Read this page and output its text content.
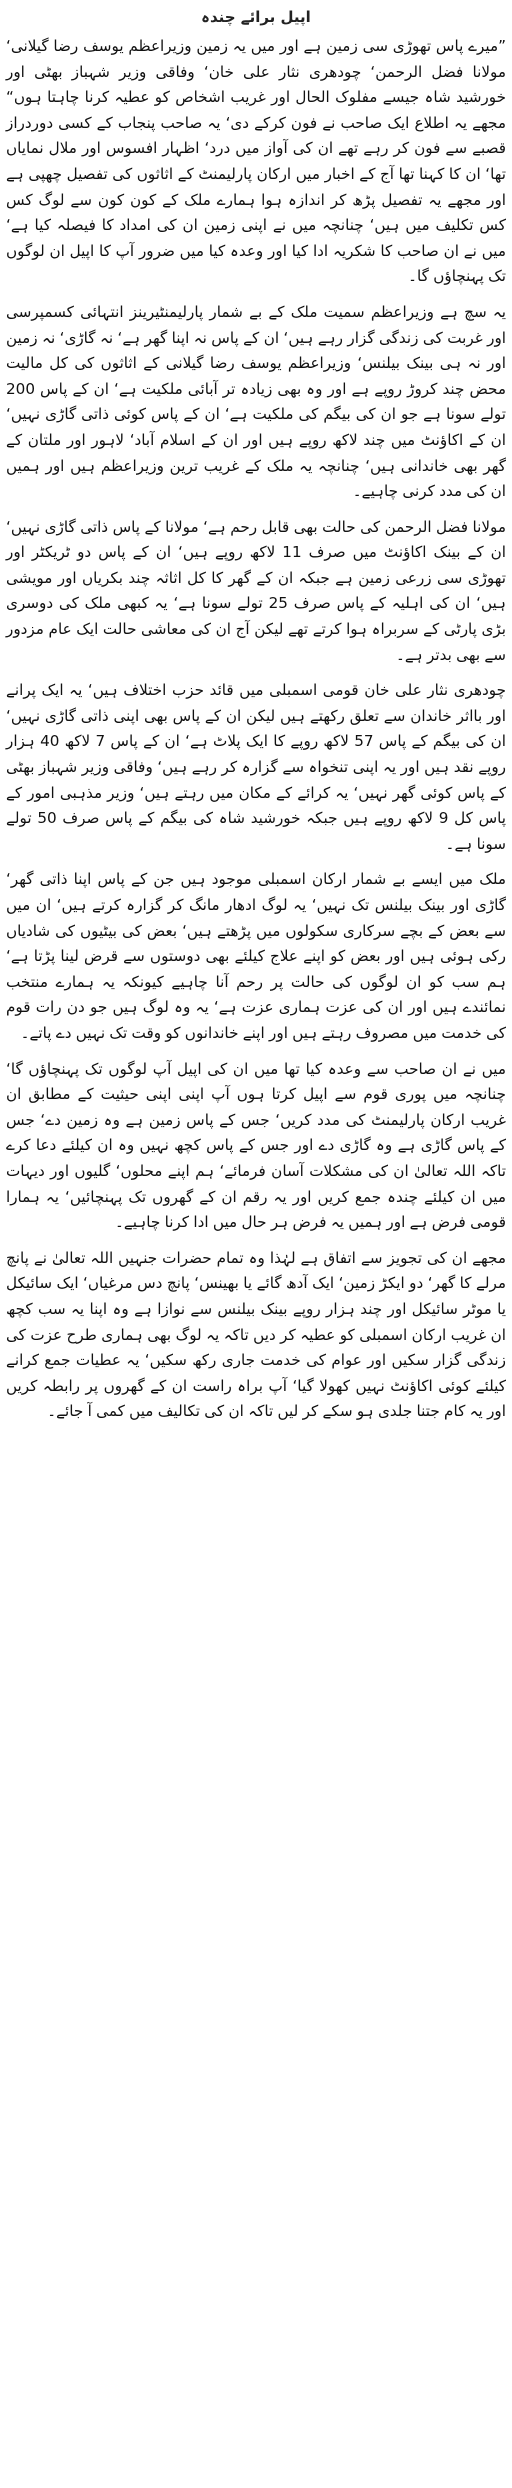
اپیل برائے چندہ

”میرے پاس تھوڑی سی زمین ہے اور میں یہ زمین وزیراعظم یوسف رضا گیلانی‘ مولانا فضل الرحمن‘ چودھری نثار علی خان‘ وفاقی وزیر شہباز بھٹی اور خورشید شاہ جیسے مفلوک الحال اور غریب اشخاص کو عطیہ کرنا چاہتا ہوں“ مجھے یہ اطلاع ایک صاحب نے فون کرکے دی‘ یہ صاحب پنجاب کے کسی دوردراز قصبے سے فون کر رہے تھے ان کی آواز میں درد‘ اظہار افسوس اور ملال نمایاں تھا‘ ان کا کہنا تھا آج کے اخبار میں ارکان پارلیمنٹ کے اثاثوں کی تفصیل چھپی ہے اور مجھے یہ تفصیل پڑھ کر اندازہ ہوا ہمارے ملک کے کون کون سے لوگ کس کس تکلیف میں ہیں‘ چنانچہ میں نے اپنی زمین ان کی امداد کا فیصلہ کیا ہے‘ میں نے ان صاحب کا شکریہ ادا کیا اور وعدہ کیا میں ضرور آپ کا اپیل ان لوگوں تک پہنچاؤں گا۔

یہ سچ ہے وزیراعظم سمیت ملک کے بے شمار پارلیمنٹیرینز انتہائی کسمپرسی اور غربت کی زندگی گزار رہے ہیں‘ ان کے پاس نہ اپنا گھر ہے‘ نہ گاڑی‘ نہ زمین اور نہ ہی بینک بیلنس‘ وزیراعظم یوسف رضا گیلانی کے اثاثوں کی کل مالیت محض چند کروڑ روپے ہے اور وہ بھی زیادہ تر آبائی ملکیت ہے‘ ان کے پاس 200 تولے سونا ہے جو ان کی بیگم کی ملکیت ہے‘ ان کے پاس کوئی ذاتی گاڑی نہیں‘ ان کے اکاؤنٹ میں چند لاکھ روپے ہیں اور ان کے اسلام آباد‘ لاہور اور ملتان کے گھر بھی خاندانی ہیں‘ چنانچہ یہ ملک کے غریب ترین وزیراعظم ہیں اور ہمیں ان کی مدد کرنی چاہیے۔

مولانا فضل الرحمن کی حالت بھی قابل رحم ہے‘ مولانا کے پاس ذاتی گاڑی نہیں‘ ان کے بینک اکاؤنٹ میں صرف 11 لاکھ روپے ہیں‘ ان کے پاس دو ٹریکٹر اور تھوڑی سی زرعی زمین ہے جبکہ ان کے گھر کا کل اثاثہ چند بکریاں اور مویشی ہیں‘ ان کی اہلیہ کے پاس صرف 25 تولے سونا ہے‘ یہ کبھی ملک کی دوسری بڑی پارٹی کے سربراہ ہوا کرتے تھے لیکن آج ان کی معاشی حالت ایک عام مزدور سے بھی بدتر ہے۔

چودھری نثار علی خان قومی اسمبلی میں قائد حزب اختلاف ہیں‘ یہ ایک پرانے اور بااثر خاندان سے تعلق رکھتے ہیں لیکن ان کے پاس بھی اپنی ذاتی گاڑی نہیں‘ ان کی بیگم کے پاس 57 لاکھ روپے کا ایک پلاٹ ہے‘ ان کے پاس 7 لاکھ 40 ہزار روپے نقد ہیں اور یہ اپنی تنخواہ سے گزارہ کر رہے ہیں‘ وفاقی وزیر شہباز بھٹی کے پاس کوئی گھر نہیں‘ یہ کرائے کے مکان میں رہتے ہیں‘ وزیر مذہبی امور کے پاس کل 9 لاکھ روپے ہیں جبکہ خورشید شاہ کی بیگم کے پاس صرف 50 تولے سونا ہے۔

ملک میں ایسے بے شمار ارکان اسمبلی موجود ہیں جن کے پاس اپنا ذاتی گھر‘ گاڑی اور بینک بیلنس تک نہیں‘ یہ لوگ ادھار مانگ کر گزارہ کرتے ہیں‘ ان میں سے بعض کے بچے سرکاری سکولوں میں پڑھتے ہیں‘ بعض کی بیٹیوں کی شادیاں رکی ہوئی ہیں اور بعض کو اپنے علاج کیلئے بھی دوستوں سے قرض لینا پڑتا ہے‘ ہم سب کو ان لوگوں کی حالت پر رحم آنا چاہیے کیونکہ یہ ہمارے منتخب نمائندے ہیں اور ان کی عزت ہماری عزت ہے‘ یہ وہ لوگ ہیں جو دن رات قوم کی خدمت میں مصروف رہتے ہیں اور اپنے خاندانوں کو وقت تک نہیں دے پاتے۔

میں نے ان صاحب سے وعدہ کیا تھا میں ان کی اپیل آپ لوگوں تک پہنچاؤں گا‘ چنانچہ میں پوری قوم سے اپیل کرتا ہوں آپ اپنی اپنی حیثیت کے مطابق ان غریب ارکان پارلیمنٹ کی مدد کریں‘ جس کے پاس زمین ہے وہ زمین دے‘ جس کے پاس گاڑی ہے وہ گاڑی دے اور جس کے پاس کچھ نہیں وہ ان کیلئے دعا کرے تاکہ اللہ تعالیٰ ان کی مشکلات آسان فرمائے‘ ہم اپنے محلوں‘ گلیوں اور دیہات میں ان کیلئے چندہ جمع کریں اور یہ رقم ان کے گھروں تک پہنچائیں‘ یہ ہمارا قومی فرض ہے اور ہمیں یہ فرض ہر حال میں ادا کرنا چاہیے۔

مجھے ان کی تجویز سے اتفاق ہے لہٰذا وہ تمام حضرات جنہیں اللہ تعالیٰ نے پانچ مرلے کا گھر‘ دو ایکڑ زمین‘ ایک آدھ گائے یا بھینس‘ پانچ دس مرغیاں‘ ایک سائیکل یا موٹر سائیکل اور چند ہزار روپے بینک بیلنس سے نوازا ہے وہ اپنا یہ سب کچھ ان غریب ارکان اسمبلی کو عطیہ کر دیں تاکہ یہ لوگ بھی ہماری طرح عزت کی زندگی گزار سکیں اور عوام کی خدمت جاری رکھ سکیں‘ یہ عطیات جمع کرانے کیلئے کوئی اکاؤنٹ نہیں کھولا گیا‘ آپ براہ راست ان کے گھروں پر رابطہ کریں اور یہ کام جتنا جلدی ہو سکے کر لیں تاکہ ان کی تکالیف میں کمی آ جائے۔
